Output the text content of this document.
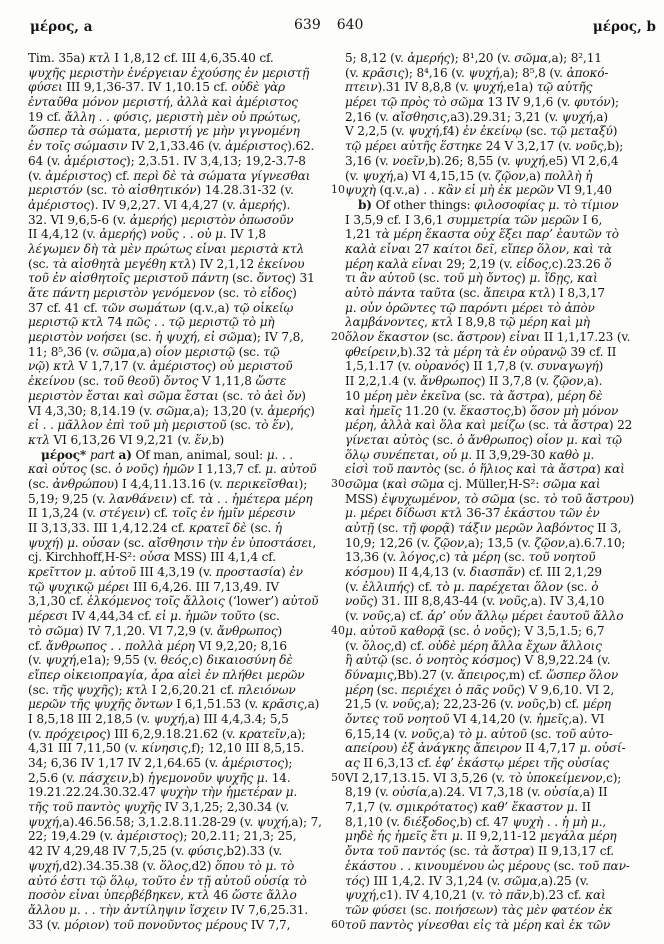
μέρος, a	639 640	μέρος, b
Tim. 35a) κτλ I 1,8,12 cf. III 4,6,35.40 cf.
ψυχῆς μεριστὴν ἐνέργειαν ἐχούσης ἐν μεριστῇ
φύσει III 9,1,36-37. IV 1,10.15 cf. οὐδὲ γὰρ
ἐνταῦθα μόνον μεριστή, ἀλλὰ καὶ ἀμέριστος
19 cf. ἄλλη . . φύσις, μεριστὴ μὲν οὐ πρώτως,
ὥσπερ τὰ σώματα, μεριστή γε μὴν γιγνομένη
ἐν τοῖς σώμασιν IV 2,1,33.46 (v. ἀμέριστος).62.
64 (v. ἀμέριστος); 2,3.51. IV 3,4,13; 19,2-3.7-8
(v. ἀμέριστος) cf. περὶ δὲ τὰ σώματα γίγνεσθαι
μεριστόν (sc. τὸ αἰσθητικόν) 14.28.31-32 (v.
ἀμέριστος). IV 9,2,27. VI 4,4,27 (v. ἀμερής).
32. VI 9,6,5-6 (v. ἀμερής) μεριστὸν ὁπωσοῦν
II 4,4,12 (v. ἀμερής) νοῦς . . οὐ μ. IV 1,8
λέγωμεν δὴ τὰ μὲν πρώτως εἶναι μεριστὰ κτλ
(sc. τὰ αἰσθητὰ μεγέθη κτλ) IV 2,1,12 ἐκείνου
τοῦ ἐν αἰσθητοῖς μεριστοῦ πάντη (sc. ὄντος) 31
ἅτε πάντη μεριστὸν γενόμενον (sc. τὸ εἶδος)
37 cf. 41 cf. τῶν σωμάτων (q.v.,a) τῷ οἰκείῳ
μεριστῷ κτλ 74 πῶς . . τῷ μεριστῷ τὸ μὴ
μεριστὸν νοήσει (sc. ἡ ψυχή, εἰ σῶμα); IV 7,8,
11; 8⁵,36 (v. σῶμα,a) οἷον μεριστῷ (sc. τῷ
νῷ) κτλ V 1,7,17 (v. ἀμέριστος) οὐ μεριστοῦ
ἐκείνου (sc. τοῦ θεοῦ) ὄντος V 1,11,8 ὥστε
μεριστὸν ἔσται καὶ σῶμα ἔσται (sc. τὸ ἀεὶ ὄν)
VI 4,3,30; 8,14.19 (v. σῶμα,a); 13,20 (v. ἀμερής)
εἰ . . μᾶλλον ἐπὶ τοῦ μὴ μεριστοῦ (sc. τὸ ἕν),
κτλ VI 6,13,26 VI 9,2,21 (v. ἕν,b)
μέρος* part a) Of man, animal, soul: μ. . .
καὶ οὗτος (sc. ὁ νοῦς) ἡμῶν I 1,13,7 cf. μ. αὐτοῦ
(sc. ἀνθρώπου) I 4,4,11.13.16 (v. περικεῖσθαι);
5,19; 9,25 (v. λανθάνειν) cf. τὰ . . ἡμέτερα μέρη
II 1,3,24 (v. στέγειν) cf. τοῖς ἐν ἡμῖν μέρεσιν
II 3,13,33. III 1,4,12.24 cf. κρατεῖ δὲ (sc. ἡ
ψυχή) μ. οὖσαν (sc. αἴσθησιν τὴν ἐν ὑποστάσει,
cj. Kirchhoff,H-S²: οὖσα MSS) III 4,1,4 cf.
κρεῖττον μ. αὐτοῦ III 4,3,19 (v. προστασία) ἐν
τῷ ψυχικῷ μέρει III 6,4,26. III 7,13,49. IV
3,1,30 cf. ἑλκόμενος τοῖς ἄλλοις (‘lower’) αὐτοῦ
μέρεσι IV 4,44,34 cf. εἰ μ. ἡμῶν τοῦτο (sc.
τὸ σῶμα) IV 7,1,20. VI 7,2,9 (v. ἄνθρωπος)
cf. ἄνθρωπος . . πολλὰ μέρη VI 9,2,20; 8,16
(v. ψυχή,e1a); 9,55 (v. θεός,c) δικαιοσύνη δὲ
εἴπερ οἰκειοπραγία, ἆρα αἰεὶ ἐν πλήθει μερῶν
(sc. τῆς ψυχῆς); κτλ I 2,6,20.21 cf. πλειόνων
μερῶν τῆς ψυχῆς ὄντων I 6,1,51.53 (v. κρᾶσις,a)
I 8,5,18 III 2,18,5 (v. ψυχή,a) III 4,4,3.4; 5,5
(v. πρόχειρος) III 6,2,9.18.21.62 (v. κρατεῖν,a);
4,31 III 7,11,50 (v. κίνησις,f); 12,10 III 8,5,15.
34; 6,36 IV 1,17 IV 2,1,64.65 (v. ἀμέριστος);
2,5.6 (v. πάσχειν,b) ἡγεμονοῦν ψυχῆς μ. 14.
19.21.22.24.30.32.47 ψυχὴν τὴν ἡμετέραν μ.
τῆς τοῦ παντὸς ψυχῆς IV 3,1,25; 2,30.34 (v.
ψυχή,a).46.56.58; 3,1.2.8.11.28-29 (v. ψυχή,a); 7,
22; 19,4.29 (v. ἀμέριστος); 20,2.11; 21,3; 25,
42 IV 4,29,48 IV 7,5,25 (v. φύσις,b2).33 (v.
ψυχή,d2).34.35.38 (v. ὅλος,d2) ὅπου τὸ μ. τὸ
αὐτό ἐστι τῷ ὅλῳ, τοῦτο ἐν τῇ αὑτοῦ οὐσίᾳ τὸ
ποσὸν εἶναι ὑπερβέβηκεν, κτλ 46 ὥστε ἄλλο
ἄλλου μ. . . τὴν ἀντίληψιν ἴσχειν IV 7,6,25.31.
33 (v. μόριον) τοῦ πονοῦντος μέρους IV 7,7,
5; 8,12 (v. ἀμερής); 8¹,20 (v. σῶμα,a); 8²,11
(v. κρᾶσις); 8⁴,16 (v. ψυχή,a); 8⁵,8 (v. ἀποκό-
πτειν).31 IV 8,8,8 (v. ψυχή,e1a) τῷ αὐτῆς
μέρει τῷ πρὸς τὸ σῶμα 13 IV 9,1,6 (v. φυτόν);
2,16 (v. αἴσθησις,a3).29.31; 3,21 (v. ψυχή,a)
V 2,2,5 (v. ψυχή,f4) ἐν ἐκείνῳ (sc. τῷ μεταξύ)
τῷ μέρει αὐτῆς ἕστηκε 24 V 3,2,17 (v. νοῦς,b);
3,16 (v. νοεῖν,b).26; 8,55 (v. ψυχή,e5) VI 2,6,4
(v. ψυχή,a) VI 4,15,15 (v. ζῷον,a) πολλὴ ἡ
ψυχὴ (q.v.,a) . . κἂν εἰ μὴ ἐκ μερῶν VI 9,1,40
b) Of other things: φιλοσοφίας μ. τὸ τίμιον
I 3,5,9 cf. I 3,6,1 συμμετρία τῶν μερῶν I 6,
1,21 τὰ μέρη ἕκαστα οὐχ ἕξει παρ’ ἑαυτῶν τὸ
καλὰ εἶναι 27 καίτοι δεῖ, εἴπερ ὅλον, καὶ τὰ
μέρη καλὰ εἶναι 29; 2,19 (v. εἶδος,c).23.26 ὅ
τι ἂν αὐτοῦ (sc. τοῦ μὴ ὄντος) μ. ἴδῃς, καὶ
αὐτὸ πάντα ταῦτα (sc. ἄπειρα κτλ) I 8,3,17
μ. οὖν ὁρῶντες τῷ παρόντι μέρει τὸ ἀπὸν
λαμβάνοντες, κτλ I 8,9,8 τῷ μέρη καὶ μὴ
ὅλον ἕκαστον (sc. ἄστρον) εἶναι II 1,1,17.23 (v.
φθείρειν,b).32 τὰ μέρη τὰ ἐν οὐρανῷ 39 cf. II
1,5,1.17 (v. οὐρανός) II 1,7,8 (v. συναγωγή)
II 2,2,1.4 (v. ἄνθρωπος) II 3,7,8 (v. ζῷον,a).
10 μέρη μὲν ἐκεῖνα (sc. τὰ ἄστρα), μέρη δὲ
καὶ ἡμεῖς 11.20 (v. ἕκαστος,b) ὅσον μὴ μόνον
μέρη, ἀλλὰ καὶ ὅλα καὶ μείζω (sc. τὰ ἄστρα) 22
γίνεται αὐτὸς (sc. ὁ ἄνθρωπος) οἷον μ. καὶ τῷ
ὅλῳ συνέπεται, οὗ μ. II 3,9,29-30 καθὸ μ.
εἰσὶ τοῦ παντὸς (sc. ὁ ἥλιος καὶ τὰ ἄστρα) καὶ
σῶμα (καὶ σῶμα cj. Müller,H-S²: σῶμα καὶ
MSS) ἐψυχωμένον, τὸ σῶμα (sc. τὸ τοῦ ἄστρου)
μ. μέρει δίδωσι κτλ 36-37 ἑκάστου τῶν ἐν
αὐτῇ (sc. τῇ φορᾷ) τάξιν μερῶν λαβόντος II 3,
10,9; 12,26 (v. ζῷον,a); 13,5 (v. ζῷον,a).6.7.10;
13,36 (v. λόγος,c) τὰ μέρη (sc. τοῦ νοητοῦ
κόσμου) II 4,4,13 (v. διασπᾶν) cf. III 2,1,29
(v. ἐλλιπής) cf. τὸ μ. παρέχεται ὅλον (sc. ὁ
νοῦς) 31. III 8,8,43-44 (v. νοῦς,a). IV 3,4,10
(v. νοῦς,a) cf. ἆρ’ οὖν ἄλλῳ μέρει ἑαυτοῦ ἄλλο
μ. αὐτοῦ καθορᾷ (sc. ὁ νοῦς); V 3,5,1.5; 6,7
(v. ὅλος,d) cf. οὐδὲ μέρη ἄλλα ἔχων ἄλλοις
ἢ αὐτῷ (sc. ὁ νοητὸς κόσμος) V 8,9,22.24 (v.
δύναμις,Bb).27 (v. ἄπειρος,m) cf. ὥσπερ ὅλον
μέρη (sc. περιέχει ὁ πᾶς νοῦς) V 9,6,10. VI 2,
21,5 (v. νοῦς,a); 22,23-26 (v. νοῦς,b) cf. μέρη
ὄντες τοῦ νοητοῦ VI 4,14,20 (v. ἡμεῖς,a). VI
6,15,14 (v. νοῦς,a) τὸ μ. αὐτοῦ (sc. τοῦ αὐτο-
απείρου) ἐξ ἀνάγκης ἄπειρον II 4,7,17 μ. οὐσί-
ας II 6,3,13 cf. ἐφ’ ἑκάστῳ μέρει τῆς οὐσίας
VI 2,17,13.15. VI 3,5,26 (v. τὸ ὑποκείμενον,c);
8,19 (v. οὐσία,a).24. VI 7,3,18 (v. οὐσία,a) II
7,1,7 (v. σμικρότατος) καθ’ ἕκαστον μ. II
8,1,10 (v. διέξοδος,b) cf. 47 ψυχὴ . . ἡ μὴ μ.,
μηδὲ ἧς ἡμεῖς ἔτι μ. II 9,2,11-12 μεγάλα μέρη
ὄντα τοῦ παντός (sc. τὰ ἄστρα) II 9,13,17 cf.
ἑκάστου . . κινουμένου ὡς μέρους (sc. τοῦ παν-
τός) III 1,4,2. IV 3,1,24 (v. σῶμα,a).25 (v.
ψυχή,c1). IV 4,10,21 (v. τὸ πᾶν,b).23 cf. καὶ
τῶν φύσει (sc. ποιήσεων) τὰς μὲν φατέον ἐκ
τοῦ παντὸς γίνεσθαι εἰς τὰ μέρη καὶ ἐκ τῶν
10
20
30
40
50
60
